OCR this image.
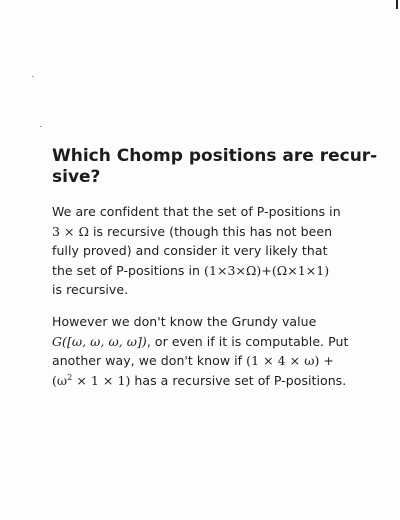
Which Chomp positions are recur-
sive?

We are confident that the set of P-positions in
3 × Ω is recursive (though this has not been
fully proved) and consider it very likely that
the set of P-positions in (1×3×Ω)+(Ω×1×1)
is recursive.

However we don't know the Grundy value
G([ω, ω, ω, ω]), or even if it is computable. Put
another way, we don't know if (1 × 4 × ω) +
$(\omega^2 \times 1 \times 1)$ has a recursive set of P-positions.
